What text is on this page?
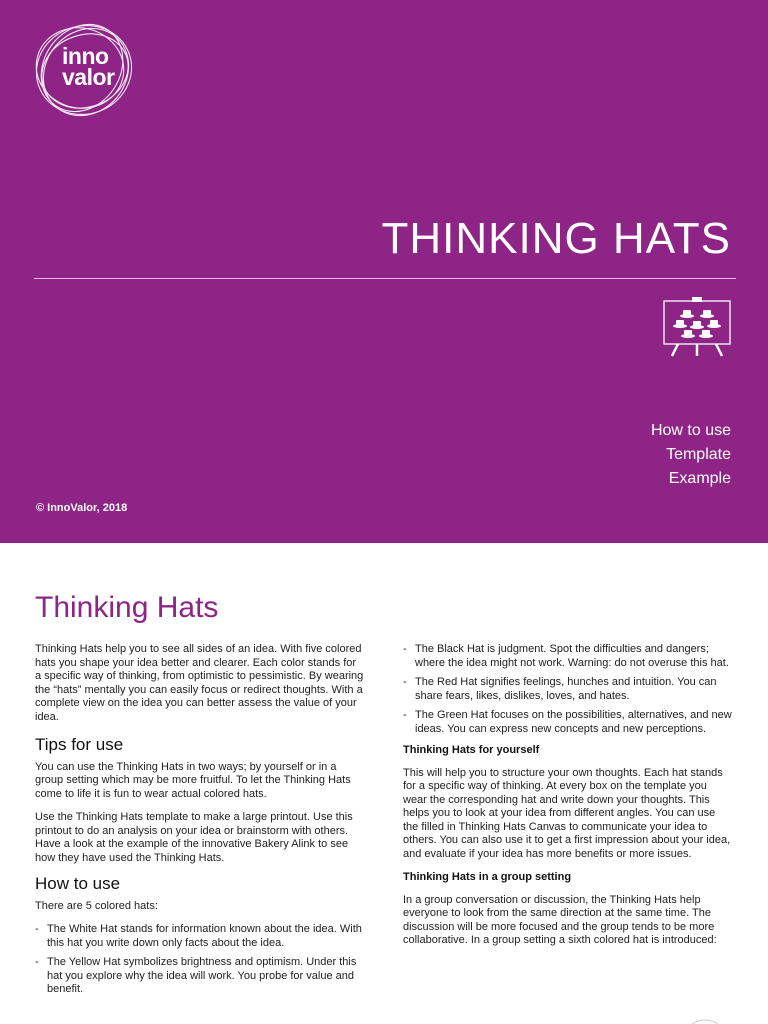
inno
valor
THINKING HATS
How to use
Template
Example
© InnoValor, 2018
Thinking Hats

Thinking Hats help you to see all sides of an idea. With five colored hats you shape your idea better and clearer. Each color stands for a specific way of thinking, from optimistic to pessimistic. By wearing the “hats” mentally you can easily focus or redirect thoughts. With a complete view on the idea you can better assess the value of your idea.

Tips for use

You can use the Thinking Hats in two ways; by yourself or in a group setting which may be more fruitful. To let the Thinking Hats come to life it is fun to wear actual colored hats.

Use the Thinking Hats template to make a large printout. Use this printout to do an analysis on your idea or brainstorm with others. Have a look at the example of the innovative Bakery Alink to see how they have used the Thinking Hats.

How to use

There are 5 colored hats:

‐ The White Hat stands for information known about the idea. With this hat you write down only facts about the idea.
‐ The Yellow Hat symbolizes brightness and optimism. Under this hat you explore why the idea will work. You probe for value and benefit.
‐ The Black Hat is judgment. Spot the difficulties and dangers; where the idea might not work. Warning: do not overuse this hat.
‐ The Red Hat signifies feelings, hunches and intuition. You can share fears, likes, dislikes, loves, and hates.
‐ The Green Hat focuses on the possibilities, alternatives, and new ideas. You can express new concepts and new perceptions.
Thinking Hats for yourself

This will help you to structure your own thoughts. Each hat stands for a specific way of thinking. At every box on the template you wear the corresponding hat and write down your thoughts. This helps you to look at your idea from different angles. You can use the filled in Thinking Hats Canvas to communicate your idea to others. You can also use it to get a first impression about your idea, and evaluate if your idea has more benefits or more issues.

Thinking Hats in a group setting

In a group conversation or discussion, the Thinking Hats help everyone to look from the same direction at the same time. The discussion will be more focused and the group tends to be more collaborative. In a group setting a sixth colored hat is introduced:
